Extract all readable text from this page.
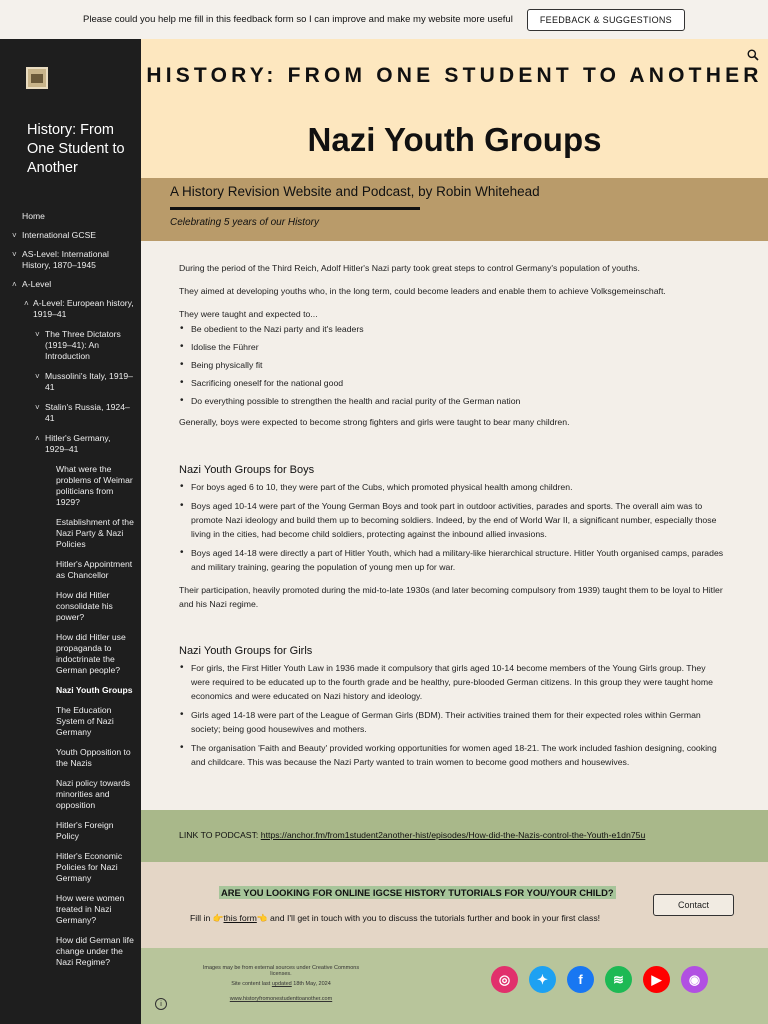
Please could you help me fill in this feedback form so I can improve and make my website more useful	FEEDBACK & SUGGESTIONS
History: From One Student to Another
Home
˅ International GCSE
˅ AS-Level: International History, 1870–1945
˄ A-Level
˄ A-Level: European history, 1919–41
˅ The Three Dictators (1919–41): An Introduction
˅ Mussolini's Italy, 1919–41
˅ Stalin's Russia, 1924–41
˄ Hitler's Germany, 1929–41
What were the problems of Weimar politicians from 1929?
Establishment of the Nazi Party & Nazi Policies
Hitler's Appointment as Chancellor
How did Hitler consolidate his power?
How did Hitler use propaganda to indoctrinate the German people?
Nazi Youth Groups
The Education System of Nazi Germany
Youth Opposition to the Nazis
Nazi policy towards minorities and opposition
Hitler's Foreign Policy
Hitler's Economic Policies for Nazi Germany
How were women treated in Nazi Germany?
How did German life change under the Nazi Regime?
HISTORY: FROM ONE STUDENT TO ANOTHER
Nazi Youth Groups
A History Revision Website and Podcast, by Robin Whitehead
Celebrating 5 years of our History

During the period of the Third Reich, Adolf Hitler's Nazi party took great steps to control Germany's population of youths.

They aimed at developing youths who, in the long term, could become leaders and enable them to achieve Volksgemeinschaft.

They were taught and expected to...

• Be obedient to the Nazi party and it's leaders
• Idolise the Führer
• Being physically fit
• Sacrificing oneself for the national good
• Do everything possible to strengthen the health and racial purity of the German nation

Generally, boys were expected to become strong fighters and girls were taught to bear many children.

Nazi Youth Groups for Boys
• For boys aged 6 to 10, they were part of the Cubs, which promoted physical health among children.
• Boys aged 10-14 were part of the Young German Boys and took part in outdoor activities, parades and sports. The overall aim was to promote Nazi ideology and build them up to becoming soldiers. Indeed, by the end of World War II, a significant number, especially those living in the cities, had become child soldiers, protecting against the inbound allied invasions.
• Boys aged 14-18 were directly a part of Hitler Youth, which had a military-like hierarchical structure. Hitler Youth organised camps, parades and military training, gearing the population of young men up for war.

Their participation, heavily promoted during the mid-to-late 1930s (and later becoming compulsory from 1939) taught them to be loyal to Hitler and his Nazi regime.

Nazi Youth Groups for Girls
• For girls, the First Hitler Youth Law in 1936 made it compulsory that girls aged 10-14 become members of the Young Girls group. They were required to be educated up to the fourth grade and be healthy, pure-blooded German citizens. In this group they were taught home economics and were educated on Nazi history and ideology.
• Girls aged 14-18 were part of the League of German Girls (BDM). Their activities trained them for their expected roles within German society; being good housewives and mothers.
• The organisation 'Faith and Beauty' provided working opportunities for women aged 18-21. The work included fashion designing, cooking and childcare. This was because the Nazi Party wanted to train women to become good mothers and housewives.
LINK TO PODCAST: https://anchor.fm/from1student2another-hist/episodes/How-did-the-Nazis-control-the-Youth-e1dn75u
ARE YOU LOOKING FOR ONLINE IGCSE HISTORY TUTORIALS FOR YOU/YOUR CHILD?
Fill in 👉this form👈 and I'll get in touch with you to discuss the tutorials further and book in your first class!
Contact
Images may be from external sources under Creative Commons licenses.
Site content last updated 18th May, 2024
www.historyfromonestudenttoanother.com
◎	✦	f	≋	▶	◉
i
